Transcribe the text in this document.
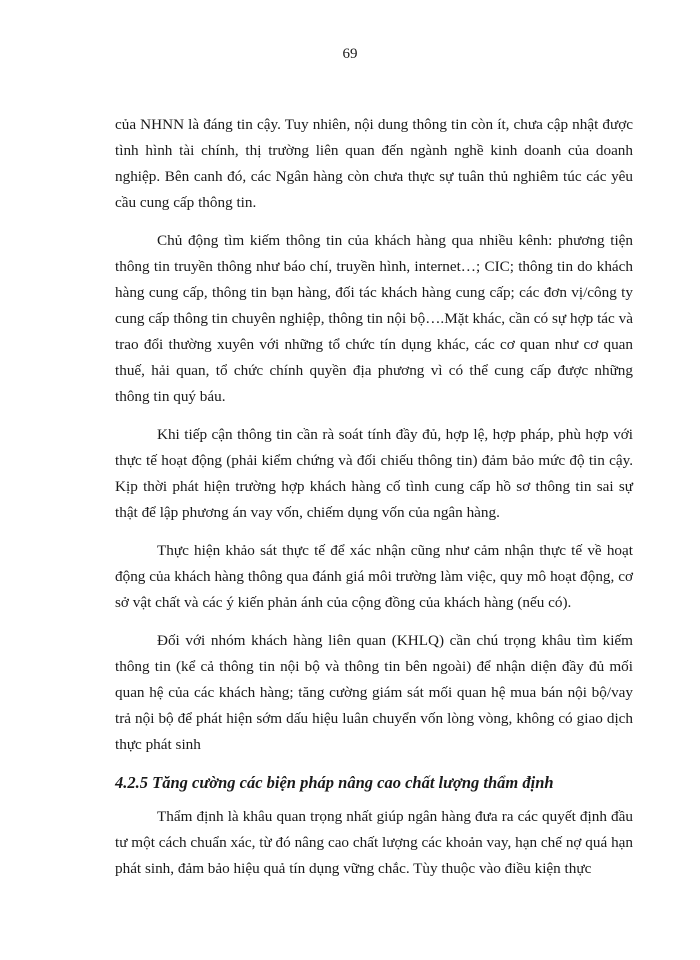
69

của NHNN là đáng tin cậy. Tuy nhiên, nội dung thông tin còn ít, chưa cập nhật được tình hình tài chính, thị trường liên quan đến ngành nghề kinh doanh của doanh nghiệp. Bên canh đó, các Ngân hàng còn chưa thực sự tuân thủ nghiêm túc các yêu cầu cung cấp thông tin.

Chủ động tìm kiếm thông tin của khách hàng qua nhiều kênh: phương tiện thông tin truyền thông như báo chí, truyền hình, internet…; CIC; thông tin do khách hàng cung cấp, thông tin bạn hàng, đối tác khách hàng cung cấp; các đơn vị/công ty cung cấp thông tin chuyên nghiệp, thông tin nội bộ….Mặt khác, cần có sự hợp tác và trao đổi thường xuyên với những tổ chức tín dụng khác, các cơ quan như cơ quan thuế, hải quan, tổ chức chính quyền địa phương vì có thể cung cấp được những thông tin quý báu.

Khi tiếp cận thông tin cần rà soát tính đầy đủ, hợp lệ, hợp pháp, phù hợp với thực tế hoạt động (phải kiểm chứng và đối chiếu thông tin) đảm bảo mức độ tin cậy. Kịp thời phát hiện trường hợp khách hàng cố tình cung cấp hồ sơ thông tin sai sự thật để lập phương án vay vốn, chiếm dụng vốn của ngân hàng.

Thực hiện khảo sát thực tế để xác nhận cũng như cảm nhận thực tế về hoạt động của khách hàng thông qua đánh giá môi trường làm việc, quy mô hoạt động, cơ sở vật chất và các ý kiến phản ánh của cộng đồng của khách hàng (nếu có).

Đối với nhóm khách hàng liên quan (KHLQ) cần chú trọng khâu tìm kiếm thông tin (kể cả thông tin nội bộ và thông tin bên ngoài) để nhận diện đầy đủ mối quan hệ của các khách hàng; tăng cường giám sát mối quan hệ mua bán nội bộ/vay trả nội bộ để phát hiện sớm dấu hiệu luân chuyển vốn lòng vòng, không có giao dịch thực phát sinh

4.2.5 Tăng cường các biện pháp nâng cao chất lượng thẩm định

Thẩm định là khâu quan trọng nhất giúp ngân hàng đưa ra các quyết định đầu tư một cách chuẩn xác, từ đó nâng cao chất lượng các khoản vay, hạn chế nợ quá hạn phát sinh, đảm bảo hiệu quả tín dụng vững chắc. Tùy thuộc vào điều kiện thực
